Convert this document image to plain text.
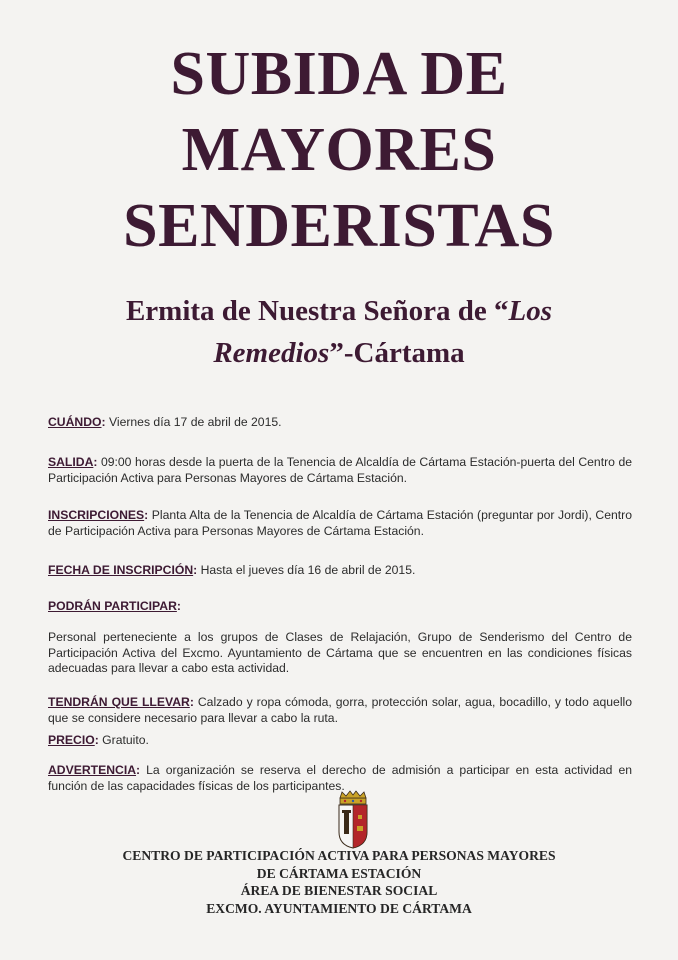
SUBIDA DE
MAYORES
SENDERISTAS
Ermita de Nuestra Señora de “Los
Remedios”-Cártama
CUÁNDO: Viernes día 17 de abril de 2015.
SALIDA: 09:00 horas desde la puerta de la Tenencia de Alcaldía de Cártama Estación-puerta del Centro de Participación Activa para Personas Mayores de Cártama Estación.
INSCRIPCIONES: Planta Alta de la Tenencia de Alcaldía de Cártama Estación (preguntar por Jordi), Centro de Participación Activa para Personas Mayores de Cártama Estación.
FECHA DE INSCRIPCIÓN: Hasta el jueves día 16 de abril de 2015.
PODRÁN PARTICIPAR:
Personal perteneciente a los grupos de Clases de Relajación, Grupo de Senderismo del Centro de Participación Activa del Excmo. Ayuntamiento de Cártama que se encuentren en las condiciones físicas adecuadas para llevar a cabo esta actividad.
TENDRÁN QUE LLEVAR: Calzado y ropa cómoda, gorra, protección solar, agua, bocadillo, y todo aquello que se considere necesario para llevar a cabo la ruta.
PRECIO: Gratuito.
ADVERTENCIA: La organización se reserva el derecho de admisión a participar en esta actividad en función de las capacidades físicas de los participantes.
CENTRO DE PARTICIPACIÓN ACTIVA PARA PERSONAS MAYORES
DE CÁRTAMA ESTACIÓN
ÁREA DE BIENESTAR SOCIAL
EXCMO. AYUNTAMIENTO DE CÁRTAMA
